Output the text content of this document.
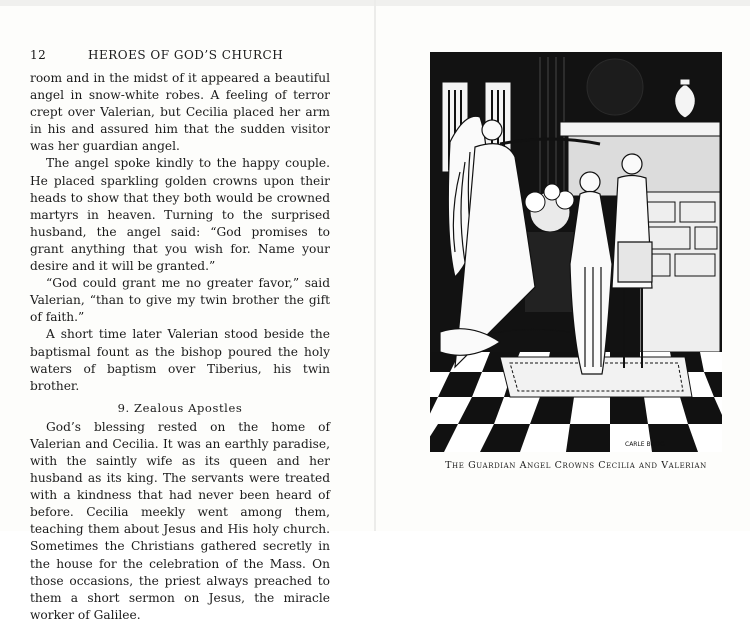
12	HEROES OF GOD’S CHURCH

room and in the midst of it appeared a beautiful angel in snow-white robes. A feeling of terror crept over Valerian, but Cecilia placed her arm in his and assured him that the sudden visitor was her guardian angel.

The angel spoke kindly to the happy couple. He placed sparkling golden crowns upon their heads to show that they both would be crowned martyrs in heaven. Turning to the surprised husband, the angel said: “God promises to grant anything that you wish for. Name your desire and it will be granted.”

“God could grant me no greater favor,” said Valerian, “than to give my twin brother the gift of faith.”

A short time later Valerian stood beside the baptismal fount as the bishop poured the holy waters of baptism over Tiberius, his twin brother.

9. Zealous Apostles

God’s blessing rested on the home of Valerian and Cecilia. It was an earthly paradise, with the saintly wife as its queen and her husband as its king. The servants were treated with a kindness that had never been heard of before. Cecilia meekly went among them, teaching them about Jesus and His holy church. Sometimes the Christians gathered secretly in the house for the celebration of the Mass. On those occasions, the priest always preached to them a short sermon on Jesus, the miracle worker of Galilee.

CARLE BOOG
The Guardian Angel Crowns Cecilia and Valerian
